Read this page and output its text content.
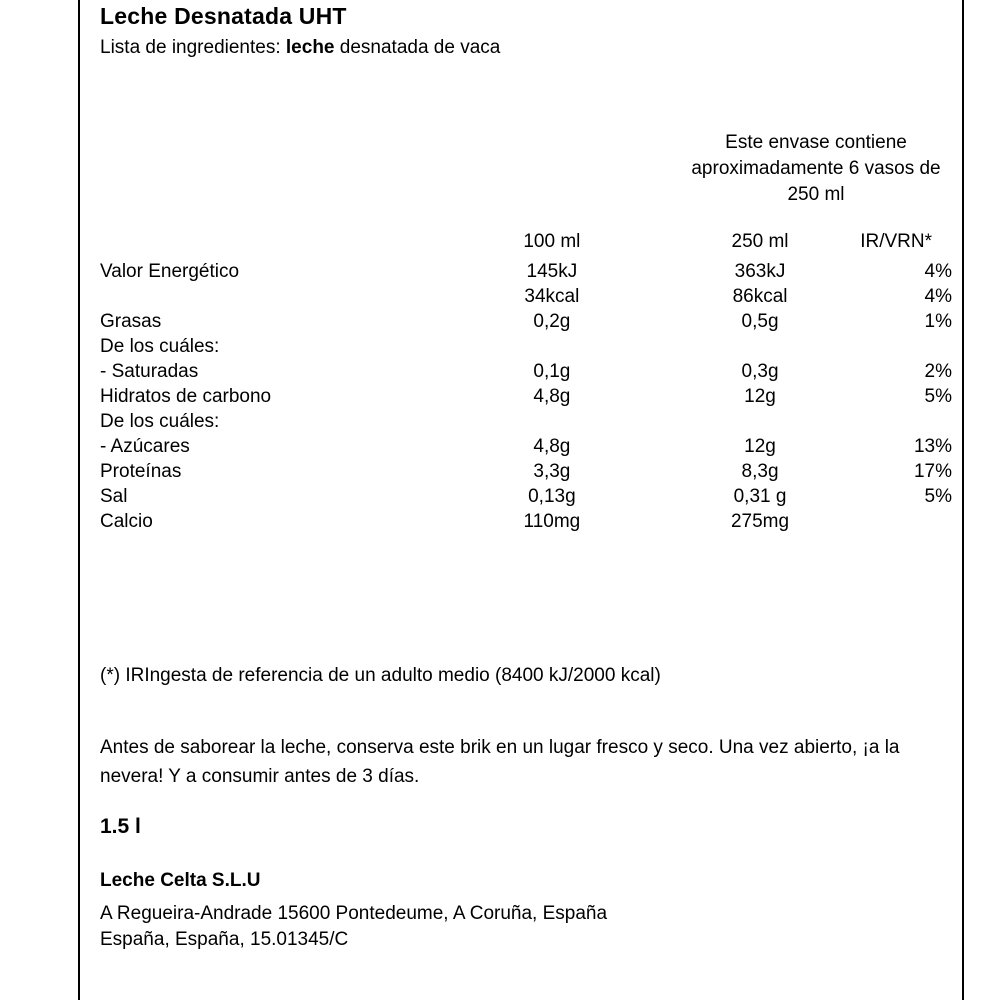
Leche Desnatada UHT
Lista de ingredientes: leche desnatada de vaca
Este envase contiene aproximadamente 6 vasos de 250 ml
	100 ml	250 ml	IR/VRN*
Valor Energético	145kJ	363kJ	4%
	34kcal	86kcal	4%
Grasas	0,2g	0,5g	1%
De los cuáles:			
- Saturadas	0,1g	0,3g	2%
Hidratos de carbono	4,8g	12g	5%
De los cuáles:			
- Azúcares	4,8g	12g	13%
Proteínas	3,3g	8,3g	17%
Sal	0,13g	0,31 g	5%
Calcio	110mg	275mg	
(*) IRIngesta de referencia de un adulto medio (8400 kJ/2000 kcal)
Antes de saborear la leche, conserva este brik en un lugar fresco y seco. Una vez abierto, ¡a la nevera! Y a consumir antes de 3 días.
1.5 l
Leche Celta S.L.U
A Regueira-Andrade 15600 Pontedeume, A Coruña, España
España, España, 15.01345/C
